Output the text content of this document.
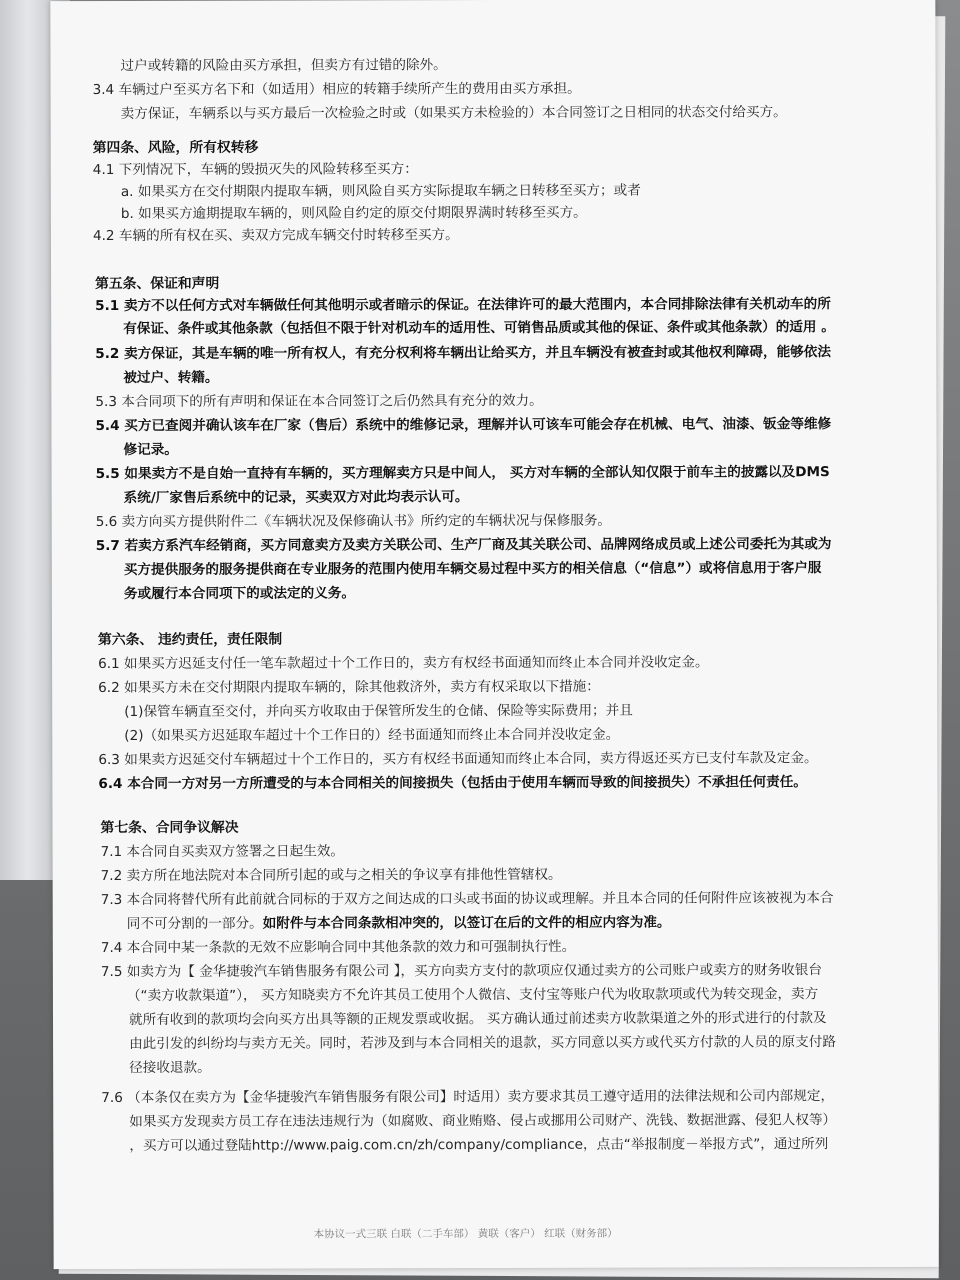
过户或转籍的风险由买方承担，但卖方有过错的除外。
3.4 车辆过户至买方名下和（如适用）相应的转籍手续所产生的费用由买方承担。
卖方保证，车辆系以与买方最后一次检验之时或（如果买方未检验的）本合同签订之日相同的状态交付给买方。
第四条、风险，所有权转移
4.1 下列情况下，车辆的毁损灭失的风险转移至买方：
a. 如果买方在交付期限内提取车辆，则风险自买方实际提取车辆之日转移至买方；或者
b. 如果买方逾期提取车辆的，则风险自约定的原交付期限界满时转移至买方。
4.2 车辆的所有权在买、卖双方完成车辆交付时转移至买方。
第五条、保证和声明
5.1 卖方不以任何方式对车辆做任何其他明示或者暗示的保证。在法律许可的最大范围内，本合同排除法律有关机动车的所
有保证、条件或其他条款（包括但不限于针对机动车的适用性、可销售品质或其他的保证、条件或其他条款）的适用 。
5.2 卖方保证，其是车辆的唯一所有权人，有充分权利将车辆出让给买方，并且车辆没有被查封或其他权利障碍，能够依法
被过户、转籍。
5.3 本合同项下的所有声明和保证在本合同签订之后仍然具有充分的效力。
5.4 买方已查阅并确认该车在厂家（售后）系统中的维修记录，理解并认可该车可能会存在机械、电气、油漆、钣金等维修
修记录。
5.5 如果卖方不是自始一直持有车辆的，买方理解卖方只是中间人， 买方对车辆的全部认知仅限于前车主的披露以及DMS
系统/厂家售后系统中的记录，买卖双方对此均表示认可。
5.6 卖方向买方提供附件二《车辆状况及保修确认书》所约定的车辆状况与保修服务。
5.7 若卖方系汽车经销商，买方同意卖方及卖方关联公司、生产厂商及其关联公司、品牌网络成员或上述公司委托为其或为
买方提供服务的服务提供商在专业服务的范围内使用车辆交易过程中买方的相关信息（“信息”）或将信息用于客户服
务或履行本合同项下的或法定的义务。
第六条、 违约责任，责任限制
6.1 如果买方迟延支付任一笔车款超过十个工作日的，卖方有权经书面通知而终止本合同并没收定金。
6.2 如果买方未在交付期限内提取车辆的，除其他救济外，卖方有权采取以下措施：
(1)保管车辆直至交付，并向买方收取由于保管所发生的仓储、保险等实际费用；并且
(2)（如果买方迟延取车超过十个工作日的）经书面通知而终止本合同并没收定金。
6.3 如果卖方迟延交付车辆超过十个工作日的，买方有权经书面通知而终止本合同，卖方得返还买方已支付车款及定金。
6.4 本合同一方对另一方所遭受的与本合同相关的间接损失（包括由于使用车辆而导致的间接损失）不承担任何责任。
第七条、合同争议解决
7.1 本合同自买卖双方签署之日起生效。
7.2 卖方所在地法院对本合同所引起的或与之相关的争议享有排他性管辖权。
7.3 本合同将替代所有此前就合同标的于双方之间达成的口头或书面的协议或理解。并且本合同的任何附件应该被视为本合
同不可分割的一部分。如附件与本合同条款相冲突的，以签订在后的文件的相应内容为准。
7.4 本合同中某一条款的无效不应影响合同中其他条款的效力和可强制执行性。
7.5 如卖方为【 金华捷骏汽车销售服务有限公司 】，买方向卖方支付的款项应仅通过卖方的公司账户或卖方的财务收银台
（“卖方收款渠道”）， 买方知晓卖方不允许其员工使用个人微信、支付宝等账户代为收取款项或代为转交现金，卖方
就所有收到的款项均会向买方出具等额的正规发票或收据。 买方确认通过前述卖方收款渠道之外的形式进行的付款及
由此引发的纠纷均与卖方无关。同时，若涉及到与本合同相关的退款，买方同意以买方或代买方付款的人员的原支付路
径接收退款。
7.6 （本条仅在卖方为【金华捷骏汽车销售服务有限公司】时适用）卖方要求其员工遵守适用的法律法规和公司内部规定，
如果买方发现卖方员工存在违法违规行为（如腐败、商业贿赂、侵占或挪用公司财产、洗钱、数据泄露、侵犯人权等）
，买方可以通过登陆http://www.paig.com.cn/zh/company/compliance，点击“举报制度－举报方式”，通过所列
本协议一式三联 白联（二手车部） 黄联（客户） 红联（财务部）
